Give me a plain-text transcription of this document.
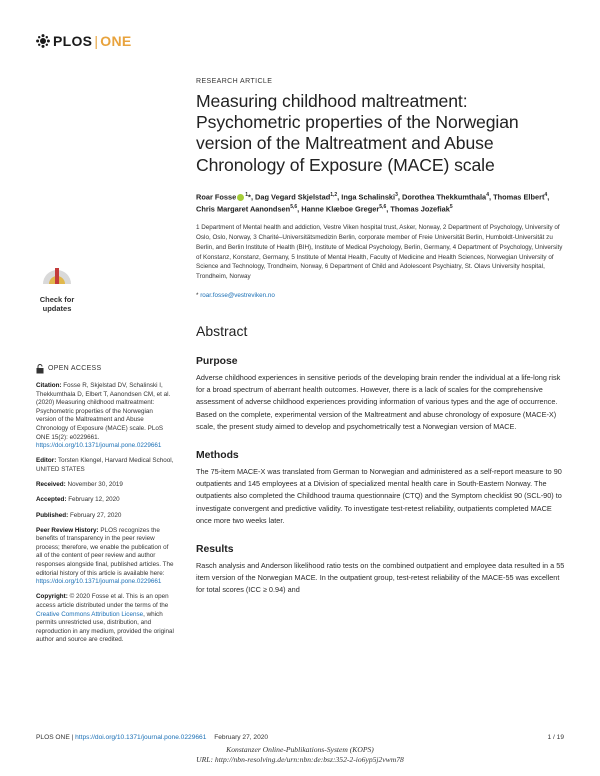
PLOS | ONE
Check for
updates
OPEN ACCESS

Citation: Fosse R, Skjelstad DV, Schalinski I, Thekkumthala D, Elbert T, Aanondsen CM, et al. (2020) Measuring childhood maltreatment: Psychometric properties of the Norwegian version of the Maltreatment and Abuse Chronology of Exposure (MACE) scale. PLoS ONE 15(2): e0229661. https://doi.org/10.1371/journal.pone.0229661

Editor: Torsten Klengel, Harvard Medical School, UNITED STATES

Received: November 30, 2019

Accepted: February 12, 2020

Published: February 27, 2020

Peer Review History: PLOS recognizes the benefits of transparency in the peer review process; therefore, we enable the publication of all of the content of peer review and author responses alongside final, published articles. The editorial history of this article is available here: https://doi.org/10.1371/journal.pone.0229661

Copyright: © 2020 Fosse et al. This is an open access article distributed under the terms of the Creative Commons Attribution License, which permits unrestricted use, distribution, and reproduction in any medium, provided the original author and source are credited.

RESEARCH ARTICLE
Measuring childhood maltreatment: Psychometric properties of the Norwegian version of the Maltreatment and Abuse Chronology of Exposure (MACE) scale
Roar Fosse $^1$*, Dag Vegard Skjelstad$^{1,2}$, Inga Schalinski$^3$, Dorothea Thekkumthala$^4$, Thomas Elbert$^4$, Chris Margaret Aanondsen$^{5,6}$, Hanne Klæboe Greger$^{5,6}$, Thomas Jozefiak$^5$
1 Department of Mental health and addiction, Vestre Viken hospital trust, Asker, Norway, 2 Department of Psychology, University of Oslo, Oslo, Norway, 3 Charité–Universitätsmedizin Berlin, corporate member of Freie Universität Berlin, Humboldt-Universität zu Berlin, and Berlin Institute of Health (BIH), Institute of Medical Psychology, Berlin, Germany, 4 Department of Psychology, University of Konstanz, Konstanz, Germany, 5 Institute of Mental Health, Faculty of Medicine and Health Sciences, Norwegian University of Science and Technology, Trondheim, Norway, 6 Department of Child and Adolescent Psychiatry, St. Olavs University hospital, Trondheim, Norway
* roar.fosse@vestreviken.no
Abstract
Purpose
Adverse childhood experiences in sensitive periods of the developing brain render the individual at a life-long risk for a broad spectrum of aberrant health outcomes. However, there is a lack of scales for the comprehensive assessment of adverse childhood experiences providing information of various types and the age of occurrence. Based on the complete, experimental version of the Maltreatment and abuse chronology of exposure (MACE-X) scale, the present study aimed to develop and psychometrically test a Norwegian version of MACE.
Methods
The 75-item MACE-X was translated from German to Norwegian and administered as a self-report measure to 90 outpatients and 145 employees at a Division of specialized mental health care in South-Eastern Norway. The outpatients also completed the Childhood trauma questionnaire (CTQ) and the Symptom checklist 90 (SCL-90) to investigate convergent and predictive validity. To investigate test-retest reliability, outpatients completed MACE once more two weeks later.
Results
Rasch analysis and Anderson likelihood ratio tests on the combined outpatient and employee data resulted in a 55 item version of the Norwegian MACE. In the outpatient group, test-retest reliability of the MACE-55 was excellent for total scores (ICC ≥ 0.94) and
PLOS ONE | https://doi.org/10.1371/journal.pone.0229661 February 27, 2020	1 / 19
Konstanzer Online-Publikations-System (KOPS)
URL: http://nbn-resolving.de/urn:nbn:de:bsz:352-2-io6yp5j2vwm78
